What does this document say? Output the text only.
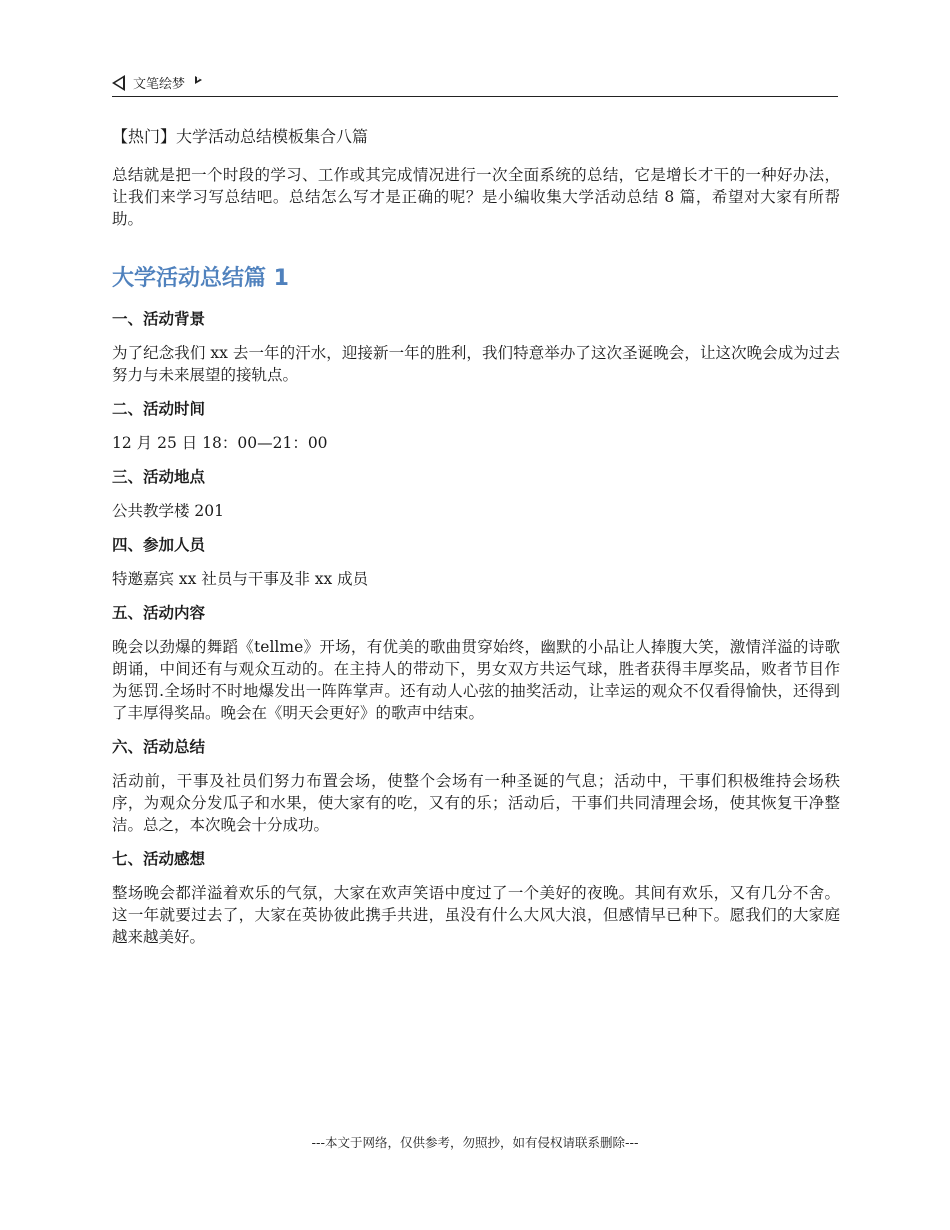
文笔绘梦
【热门】大学活动总结模板集合八篇

总结就是把一个时段的学习、工作或其完成情况进行一次全面系统的总结，它是增长才干的一种好办法，让我们来学习写总结吧。总结怎么写才是正确的呢？是小编收集大学活动总结 8 篇，希望对大家有所帮助。

大学活动总结篇 1
一、活动背景

为了纪念我们 xx 去一年的汗水，迎接新一年的胜利，我们特意举办了这次圣诞晚会，让这次晚会成为过去努力与未来展望的接轨点。

二、活动时间

12 月 25 日 18：00—21：00

三、活动地点

公共教学楼 201

四、参加人员

特邀嘉宾 xx 社员与干事及非 xx 成员

五、活动内容

晚会以劲爆的舞蹈《tellme》开场，有优美的歌曲贯穿始终，幽默的小品让人捧腹大笑，激情洋溢的诗歌朗诵，中间还有与观众互动的。在主持人的带动下，男女双方共运气球，胜者获得丰厚奖品，败者节目作为惩罚.全场时不时地爆发出一阵阵掌声。还有动人心弦的抽奖活动，让幸运的观众不仅看得愉快，还得到了丰厚得奖品。晚会在《明天会更好》的歌声中结束。

六、活动总结

活动前，干事及社员们努力布置会场，使整个会场有一种圣诞的气息；活动中，干事们积极维持会场秩序，为观众分发瓜子和水果，使大家有的吃，又有的乐；活动后，干事们共同清理会场，使其恢复干净整洁。总之，本次晚会十分成功。

七、活动感想

整场晚会都洋溢着欢乐的气氛，大家在欢声笑语中度过了一个美好的夜晚。其间有欢乐，又有几分不舍。这一年就要过去了，大家在英协彼此携手共进，虽没有什么大风大浪，但感情早已种下。愿我们的大家庭越来越美好。

---本文于网络，仅供参考，勿照抄，如有侵权请联系删除---
